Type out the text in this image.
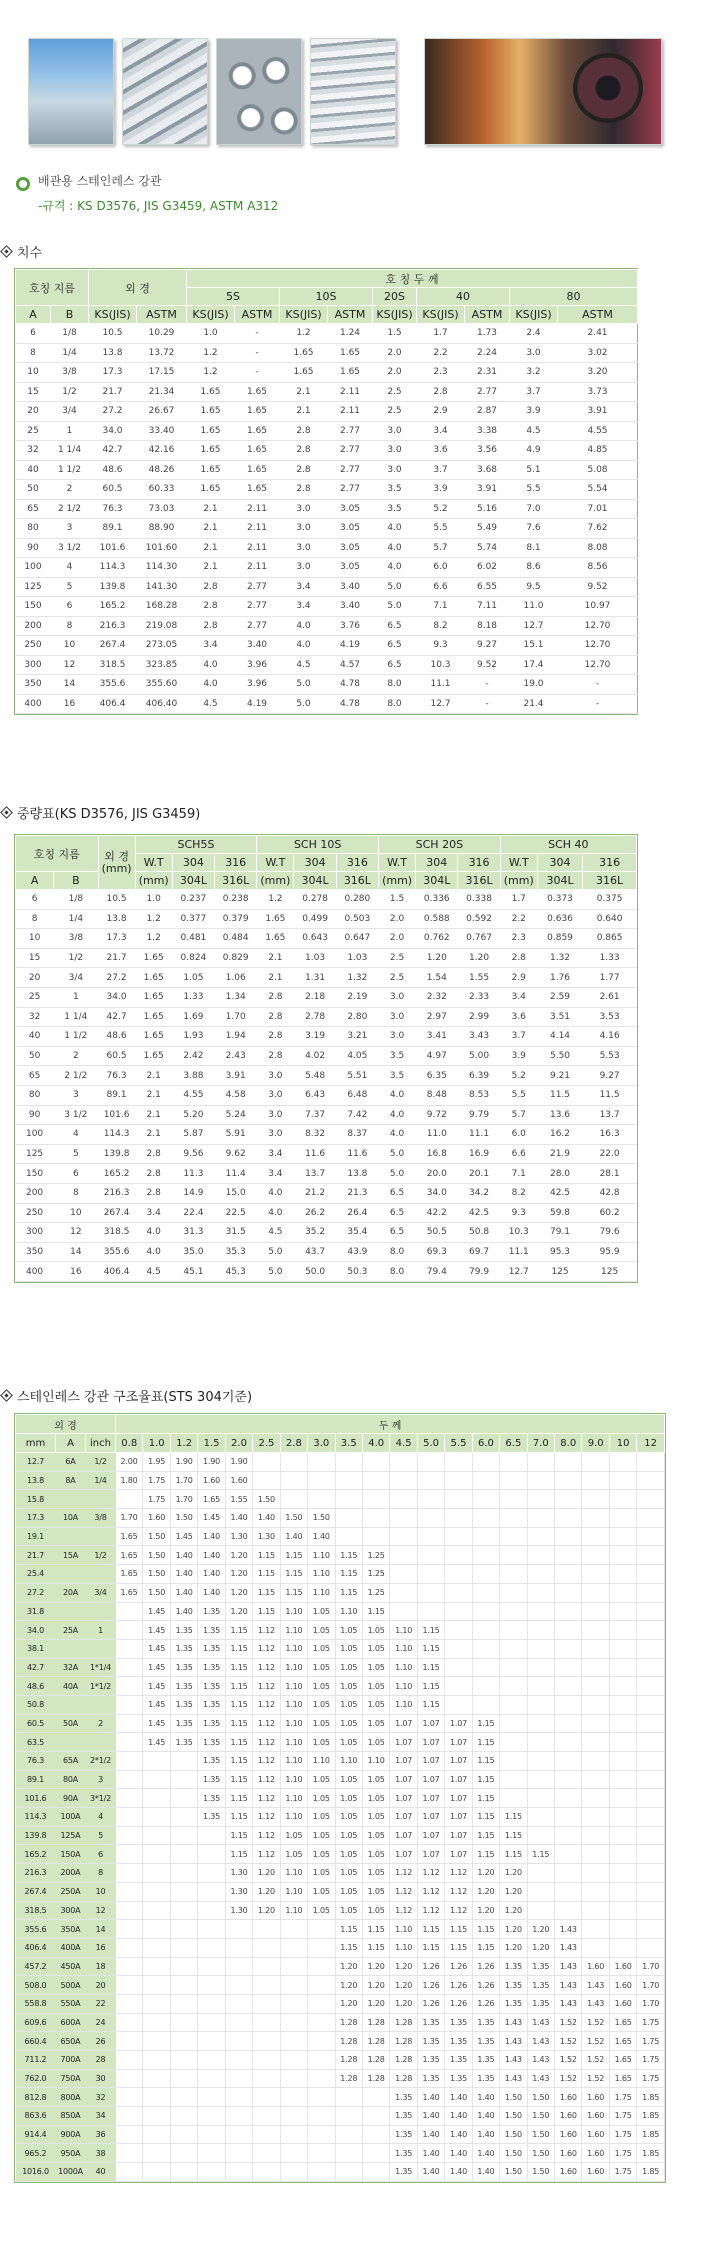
배관용 스테인레스 강관
-규격 : KS D3576, JIS G3459, ASTM A312
치수
호칭 지름		외 경		호 칭 두 께								
				5S		10S		20S	40		80	
A	B	KS(JIS)	ASTM	KS(JIS)	ASTM	KS(JIS)	ASTM	KS(JIS)	KS(JIS)	ASTM	KS(JIS)	ASTM
6	1/8	10.5	10.29	1.0	-	1.2	1.24	1.5	1.7	1.73	2.4	2.41
8	1/4	13.8	13.72	1.2	-	1.65	1.65	2.0	2.2	2.24	3.0	3.02
10	3/8	17.3	17.15	1.2	-	1.65	1.65	2.0	2.3	2.31	3.2	3.20
15	1/2	21.7	21.34	1.65	1.65	2.1	2.11	2.5	2.8	2.77	3.7	3.73
20	3/4	27.2	26.67	1.65	1.65	2.1	2.11	2.5	2.9	2.87	3.9	3.91
25	1	34.0	33.40	1.65	1.65	2.8	2.77	3.0	3.4	3.38	4.5	4.55
32	1 1/4	42.7	42.16	1.65	1.65	2.8	2.77	3.0	3.6	3.56	4.9	4.85
40	1 1/2	48.6	48.26	1.65	1.65	2.8	2.77	3.0	3.7	3.68	5.1	5.08
50	2	60.5	60.33	1.65	1.65	2.8	2.77	3.5	3.9	3.91	5.5	5.54
65	2 1/2	76.3	73.03	2.1	2.11	3.0	3.05	3.5	5.2	5.16	7.0	7.01
80	3	89.1	88.90	2.1	2.11	3.0	3.05	4.0	5.5	5.49	7.6	7.62
90	3 1/2	101.6	101.60	2.1	2.11	3.0	3.05	4.0	5.7	5.74	8.1	8.08
100	4	114.3	114.30	2.1	2.11	3.0	3.05	4.0	6.0	6.02	8.6	8.56
125	5	139.8	141.30	2.8	2.77	3.4	3.40	5.0	6.6	6.55	9.5	9.52
150	6	165.2	168.28	2.8	2.77	3.4	3.40	5.0	7.1	7.11	11.0	10.97
200	8	216.3	219.08	2.8	2.77	4.0	3.76	6.5	8.2	8.18	12.7	12.70
250	10	267.4	273.05	3.4	3.40	4.0	4.19	6.5	9.3	9.27	15.1	12.70
300	12	318.5	323.85	4.0	3.96	4.5	4.57	6.5	10.3	9.52	17.4	12.70
350	14	355.6	355.60	4.0	3.96	5.0	4.78	8.0	11.1	-	19.0	-
400	16	406.4	406.40	4.5	4.19	5.0	4.78	8.0	12.7	-	21.4	-
중량표(KS D3576, JIS G3459)
호칭 지름		외 경
(mm)	SCH5S			SCH 10S			SCH 20S			SCH 40		
			W.T	304	316	W.T	304	316	W.T	304	316	W.T	304	316
A	B		(mm)	304L	316L	(mm)	304L	316L	(mm)	304L	316L	(mm)	304L	316L
6	1/8	10.5	1.0	0.237	0.238	1.2	0.278	0.280	1.5	0.336	0.338	1.7	0.373	0.375
8	1/4	13.8	1.2	0.377	0.379	1.65	0.499	0.503	2.0	0.588	0.592	2.2	0.636	0.640
10	3/8	17.3	1.2	0.481	0.484	1.65	0.643	0.647	2.0	0.762	0.767	2.3	0.859	0.865
15	1/2	21.7	1.65	0.824	0.829	2.1	1.03	1.03	2.5	1.20	1.20	2.8	1.32	1.33
20	3/4	27.2	1.65	1.05	1.06	2.1	1.31	1.32	2.5	1.54	1.55	2.9	1.76	1.77
25	1	34.0	1.65	1.33	1.34	2.8	2.18	2.19	3.0	2.32	2.33	3.4	2.59	2.61
32	1 1/4	42.7	1.65	1.69	1.70	2.8	2.78	2.80	3.0	2.97	2.99	3.6	3.51	3.53
40	1 1/2	48.6	1.65	1.93	1.94	2.8	3.19	3.21	3.0	3.41	3.43	3.7	4.14	4.16
50	2	60.5	1.65	2.42	2.43	2.8	4.02	4.05	3.5	4.97	5.00	3.9	5.50	5.53
65	2 1/2	76.3	2.1	3.88	3.91	3.0	5.48	5.51	3.5	6.35	6.39	5.2	9.21	9.27
80	3	89.1	2.1	4.55	4.58	3.0	6.43	6.48	4.0	8.48	8.53	5.5	11.5	11.5
90	3 1/2	101.6	2.1	5.20	5.24	3.0	7.37	7.42	4.0	9.72	9.79	5.7	13.6	13.7
100	4	114.3	2.1	5.87	5.91	3.0	8.32	8.37	4.0	11.0	11.1	6.0	16.2	16.3
125	5	139.8	2.8	9.56	9.62	3.4	11.6	11.6	5.0	16.8	16.9	6.6	21.9	22.0
150	6	165.2	2.8	11.3	11.4	3.4	13.7	13.8	5.0	20.0	20.1	7.1	28.0	28.1
200	8	216.3	2.8	14.9	15.0	4.0	21.2	21.3	6.5	34.0	34.2	8.2	42.5	42.8
250	10	267.4	3.4	22.4	22.5	4.0	26.2	26.4	6.5	42.2	42.5	9.3	59.8	60.2
300	12	318.5	4.0	31.3	31.5	4.5	35.2	35.4	6.5	50.5	50.8	10.3	79.1	79.6
350	14	355.6	4.0	35.0	35.3	5.0	43.7	43.9	8.0	69.3	69.7	11.1	95.3	95.9
400	16	406.4	4.5	45.1	45.3	5.0	50.0	50.3	8.0	79.4	79.9	12.7	125	125
스테인레스 강관 구조율표(STS 304기준)
외 경			두 께																			
mm	A	inch	0.8	1.0	1.2	1.5	2.0	2.5	2.8	3.0	3.5	4.0	4.5	5.0	5.5	6.0	6.5	7.0	8.0	9.0	10	12
12.7	6A	1/2	2.00	1.95	1.90	1.90	1.90															
13.8	8A	1/4	1.80	1.75	1.70	1.60	1.60															
15.8				1.75	1.70	1.65	1.55	1.50														
17.3	10A	3/8	1.70	1.60	1.50	1.45	1.40	1.40	1.50	1.50												
19.1			1.65	1.50	1.45	1.40	1.30	1.30	1.40	1.40												
21.7	15A	1/2	1.65	1.50	1.40	1.40	1.20	1.15	1.15	1.10	1.15	1.25										
25.4			1.65	1.50	1.40	1.40	1.20	1.15	1.15	1.10	1.15	1.25										
27.2	20A	3/4	1.65	1.50	1.40	1.40	1.20	1.15	1.15	1.10	1.15	1.25										
31.8				1.45	1.40	1.35	1.20	1.15	1.10	1.05	1.10	1.15										
34.0	25A	1		1.45	1.35	1.35	1.15	1.12	1.10	1.05	1.05	1.05	1.10	1.15								
38.1				1.45	1.35	1.35	1.15	1.12	1.10	1.05	1.05	1.05	1.10	1.15								
42.7	32A	1*1/4		1.45	1.35	1.35	1.15	1.12	1.10	1.05	1.05	1.05	1.10	1.15								
48.6	40A	1*1/2		1.45	1.35	1.35	1.15	1.12	1.10	1.05	1.05	1.05	1.10	1.15								
50.8				1.45	1.35	1.35	1.15	1.12	1.10	1.05	1.05	1.05	1.10	1.15								
60.5	50A	2		1.45	1.35	1.35	1.15	1.12	1.10	1.05	1.05	1.05	1.07	1.07	1.07	1.15						
63.5				1.45	1.35	1.35	1.15	1.12	1.10	1.05	1.05	1.05	1.07	1.07	1.07	1.15						
76.3	65A	2*1/2				1.35	1.15	1.12	1.10	1.10	1.10	1.10	1.07	1.07	1.07	1.15						
89.1	80A	3				1.35	1.15	1.12	1.10	1.05	1.05	1.05	1.07	1.07	1.07	1.15						
101.6	90A	3*1/2				1.35	1.15	1.12	1.10	1.05	1.05	1.05	1.07	1.07	1.07	1.15						
114.3	100A	4				1.35	1.15	1.12	1.10	1.05	1.05	1.05	1.07	1.07	1.07	1.15	1.15					
139.8	125A	5					1.15	1.12	1.05	1.05	1.05	1.05	1.07	1.07	1.07	1.15	1.15					
165.2	150A	6					1.15	1.12	1.05	1.05	1.05	1.05	1.07	1.07	1.07	1.15	1.15	1.15				
216.3	200A	8					1.30	1.20	1.10	1.05	1.05	1.05	1.12	1.12	1.12	1.20	1.20					
267.4	250A	10					1.30	1.20	1.10	1.05	1.05	1.05	1.12	1.12	1.12	1.20	1.20					
318.5	300A	12					1.30	1.20	1.10	1.05	1.05	1.05	1.12	1.12	1.12	1.20	1.20					
355.6	350A	14									1.15	1.15	1.10	1.15	1.15	1.15	1.20	1.20	1.43			
406.4	400A	16									1.15	1.15	1.10	1.15	1.15	1.15	1.20	1.20	1.43			
457.2	450A	18									1.20	1.20	1.20	1.26	1.26	1.26	1.35	1.35	1.43	1.60	1.60	1.70
508.0	500A	20									1.20	1.20	1.20	1.26	1.26	1.26	1.35	1.35	1.43	1.43	1.60	1.70
558.8	550A	22									1.20	1.20	1.20	1.26	1.26	1.26	1.35	1.35	1.43	1.43	1.60	1.70
609.6	600A	24									1.28	1.28	1.28	1.35	1.35	1.35	1.43	1.43	1.52	1.52	1.65	1.75
660.4	650A	26									1.28	1.28	1.28	1.35	1.35	1.35	1.43	1.43	1.52	1.52	1.65	1.75
711.2	700A	28									1.28	1.28	1.28	1.35	1.35	1.35	1.43	1.43	1.52	1.52	1.65	1.75
762.0	750A	30									1.28	1.28	1.28	1.35	1.35	1.35	1.43	1.43	1.52	1.52	1.65	1.75
812.8	800A	32											1.35	1.40	1.40	1.40	1.50	1.50	1.60	1.60	1.75	1.85
863.6	850A	34											1.35	1.40	1.40	1.40	1.50	1.50	1.60	1.60	1.75	1.85
914.4	900A	36											1.35	1.40	1.40	1.40	1.50	1.50	1.60	1.60	1.75	1.85
965.2	950A	38											1.35	1.40	1.40	1.40	1.50	1.50	1.60	1.60	1.75	1.85
1016.0	1000A	40											1.35	1.40	1.40	1.40	1.50	1.50	1.60	1.60	1.75	1.85
